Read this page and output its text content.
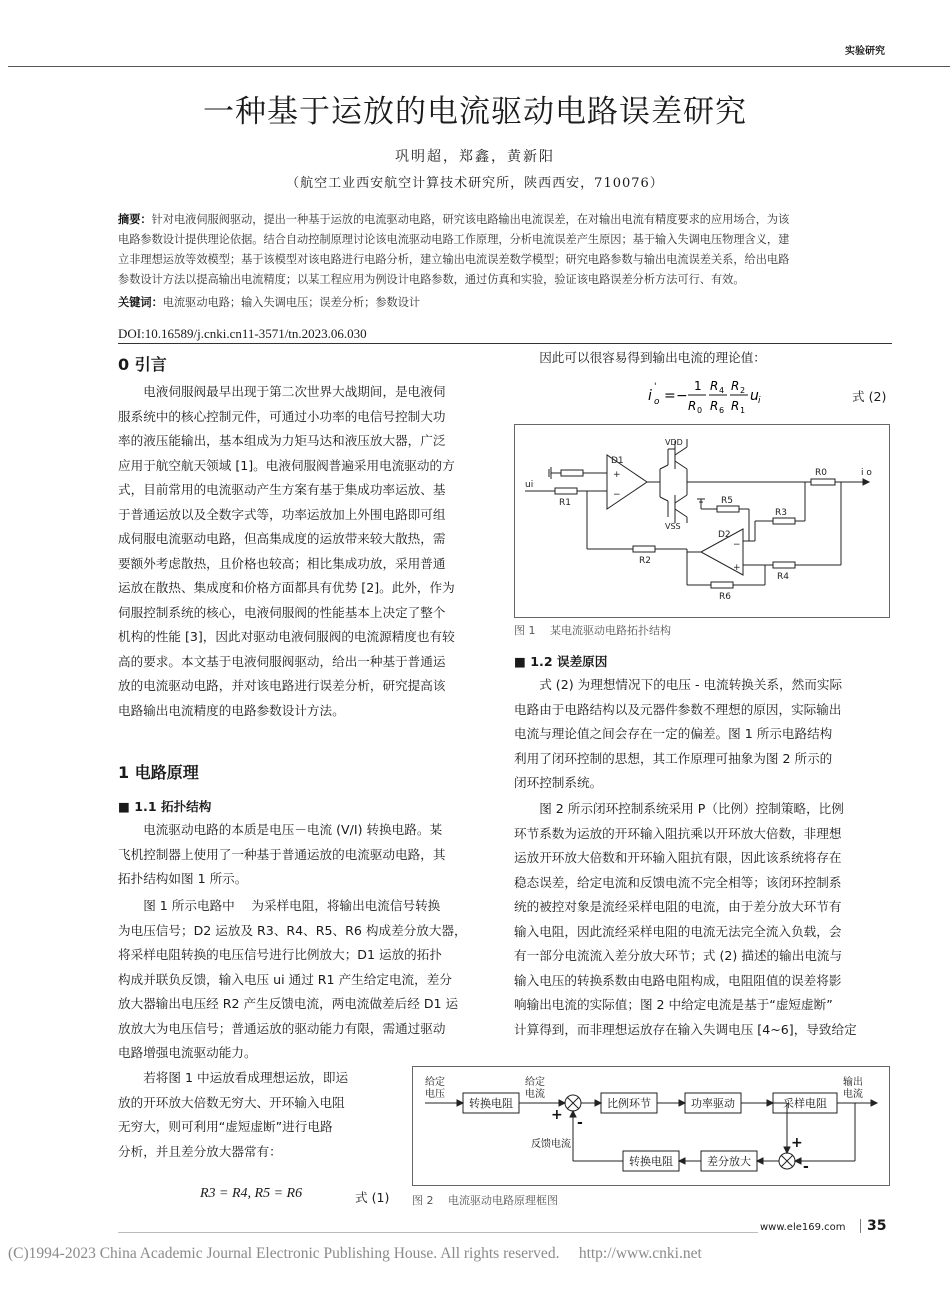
实验研究
一种基于运放的电流驱动电路误差研究
巩明超，郑鑫，黄新阳
（航空工业西安航空计算技术研究所，陕西西安，710076）
摘要：针对电液伺服阀驱动，提出一种基于运放的电流驱动电路，研究该电路输出电流误差，在对输出电流有精度要求的应用场合，为该
电路参数设计提供理论依据。结合自动控制原理讨论该电流驱动电路工作原理，分析电流误差产生原因；基于输入失调电压物理含义，建
立非理想运放等效模型；基于该模型对该电路进行电路分析，建立输出电流误差数学模型；研究电路参数与输出电流误差关系，给出电路
参数设计方法以提高输出电流精度；以某工程应用为例设计电路参数，通过仿真和实验，验证该电路误差分析方法可行、有效。
关键词：电流驱动电路；输入失调电压；误差分析；参数设计
DOI:10.16589/j.cnki.cn11-3571/tn.2023.06.030
0 引言

电液伺服阀最早出现于第二次世界大战期间，是电液伺

服系统中的核心控制元件，可通过小功率的电信号控制大功
率的液压能输出，基本组成为力矩马达和液压放大器，广泛
应用于航空航天领域 [1]。电液伺服阀普遍采用电流驱动的方
式，目前常用的电流驱动产生方案有基于集成功率运放、基
于普通运放以及全数字式等，功率运放加上外围电路即可组
成伺服电流驱动电路，但高集成度的运放带来较大散热，需
要额外考虑散热，且价格也较高；相比集成功放，采用普通
运放在散热、集成度和价格方面都具有优势 [2]。此外，作为
伺服控制系统的核心，电液伺服阀的性能基本上决定了整个
机构的性能 [3]，因此对驱动电液伺服阀的电流源精度也有较
高的要求。本文基于电液伺服阀驱动，给出一种基于普通运
放的电流驱动电路，并对该电路进行误差分析，研究提高该
电路输出电流精度的电路参数设计方法。
1 电路原理
■ 1.1 拓扑结构

电流驱动电路的本质是电压－电流 (V/I) 转换电路。某

飞机控制器上使用了一种基于普通运放的电流驱动电路，其
拓扑结构如图 1 所示。

图 1 所示电路中　 为采样电阻，将输出电流信号转换

为电压信号；D2 运放及 R3、R4、R5、R6 构成差分放大器，
将采样电阻转换的电压信号进行比例放大；D1 运放的拓扑
构成并联负反馈，输入电压 ui 通过 R1 产生给定电流，差分
放大器输出电压经 R2 产生反馈电流，两电流做差后经 D1 运
放放大为电压信号；普通运放的驱动能力有限，需通过驱动
电路增强电流驱动能力。

若将图 1 中运放看成理想运放，即运

放的开环放大倍数无穷大、开环输入电阻
无穷大，则可利用“虚短虚断”进行电路
分析，并且差分放大器常有：
R3 = R4, R5 = R6	式 (1)

因此可以很容易得到输出电流的理论值：

i o
'
= −
1
R 0
R 4
R 6
R 2
R 1
u i	式 (2)
D1
+
−
D2
−
+
VDD
VSS
ui
R1
R2
R0	i o
R5
R3
R4
R6
图 1　 某电流驱动电路拓扑结构
■ 1.2 误差原因

式 (2) 为理想情况下的电压 - 电流转换关系，然而实际

电路由于电路结构以及元器件参数不理想的原因，实际输出
电流与理论值之间会存在一定的偏差。图 1 所示电路结构
利用了闭环控制的思想，其工作原理可抽象为图 2 所示的
闭环控制系统。

图 2 所示闭环控制系统采用 P（比例）控制策略，比例

环节系数为运放的开环输入阻抗乘以开环放大倍数，非理想
运放开环放大倍数和开环输入阻抗有限，因此该系统将存在
稳态误差，给定电流和反馈电流不完全相等；该闭环控制系
统的被控对象是流经采样电阻的电流，由于差分放大环节有
输入电阻，因此流经采样电阻的电流无法完全流入负载，会
有一部分电流流入差分放大环节；式 (2) 描述的输出电流与
输入电压的转换系数由电路电阻构成，电阻阻值的误差将影
响输出电流的实际值；图 2 中给定电流是基于“虚短虚断”
计算得到，而非理想运放存在输入失调电压 [4~6]，导致给定
给定
电压
给定
电流
输出
电流
反馈电流
转换电阻	比例环节	功率驱动	采样电阻
转换电阻	差分放大
+ -
+
-
图 2　 电流驱动电路原理框图
www.ele169.com 35
(C)1994-2023 China Academic Journal Electronic Publishing House. All rights reserved.　 http://www.cnki.net
